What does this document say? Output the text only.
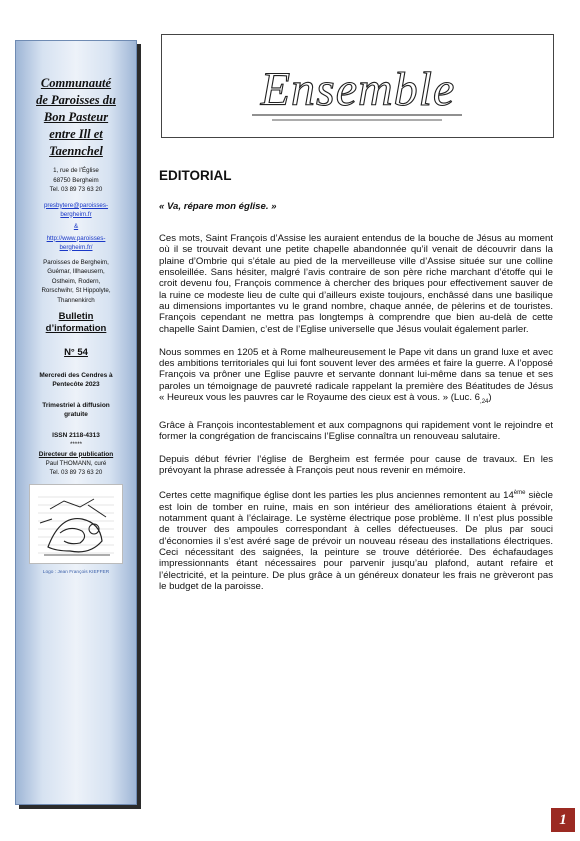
Communauté
de Paroisses du
Bon Pasteur
entre Ill et
Taennchel

1, rue de l’Église

68750 Bergheim

Tel. 03 89 73 63 20

presbytere@paroisses-
bergheim.fr
&
http://www.paroisses-
bergheim.fr/

Paroisses de Bergheim,

Guémar, Illhaeusern,

Ostheim, Rodern,

Rorschwihr, St Hippolyte,

Thannenkirch

Bulletin
d’information
N° 54
Mercredi des Cendres à
Pentecôte 2023
Trimestriel à diffusion
gratuite
ISSN 2118-4313
*****
Directeur de publication

Paul THOMANN, curé

Tel. 03 89 73 63 20

Logo : Jean François KIEFFER
Ensemble
EDITORIAL

« Va, répare mon église. »

Ces mots, Saint François d’Assise les auraient entendus de la bouche de Jésus au moment où il se trouvait devant une petite chapelle abandonnée qu’il venait de découvrir dans la plaine d’Ombrie qui s’étale au pied de la merveilleuse ville d’Assise située sur une colline ensoleillée. Sans hésiter, malgré l’avis contraire de son père riche marchant d’étoffe qui le croit devenu fou, François commence à chercher des briques pour effectivement sauver de la ruine ce modeste lieu de culte qui d’ailleurs existe toujours, enchâssé dans une basilique au dimensions importantes vu le grand nombre, chaque année, de pèlerins et de touristes. François cependant ne mettra pas longtemps à comprendre que bien au-delà de cette chapelle Saint Damien, c’est de l’Eglise universelle que Jésus voulait également parler.

Nous sommes en 1205 et à Rome malheureusement le Pape vit dans un grand luxe et avec des ambitions territoriales qui lui font souvent lever des armées et faire la guerre. A l’opposé François va prôner une Eglise pauvre et servante donnant lui-même dans sa tenue et ses paroles un témoignage de pauvreté radicale rappelant la première des Béatitudes de Jésus « Heureux vous les pauvres car le Royaume des cieux est à vous. » (Luc. $6_{,24}$)

Grâce à François incontestablement et aux compagnons qui rapidement vont le rejoindre et former la congrégation de franciscains l’Eglise connaîtra un renouveau salutaire.

Depuis début février l’église de Bergheim est fermée pour cause de travaux. En les prévoyant la phrase adressée à François peut nous revenir en mémoire.

Certes cette magnifique église dont les parties les plus anciennes remontent au 14ème siècle est loin de tomber en ruine, mais en son intérieur des améliorations étaient à prévoir, notamment quant à l’éclairage. Le système électrique pose problème. Il n’est plus possible de trouver des ampoules correspondant à celles défectueuses. De plus par souci d’économies il s’est avéré sage de prévoir un nouveau réseau des installations électriques. Ceci nécessitant des saignées, la peinture se trouve détériorée. Des échafaudages impressionnants étant nécessaires pour parvenir jusqu’au plafond, autant refaire et l’électricité, et la peinture. De plus grâce à un généreux donateur les frais ne grèveront pas le budget de la paroisse.

1
